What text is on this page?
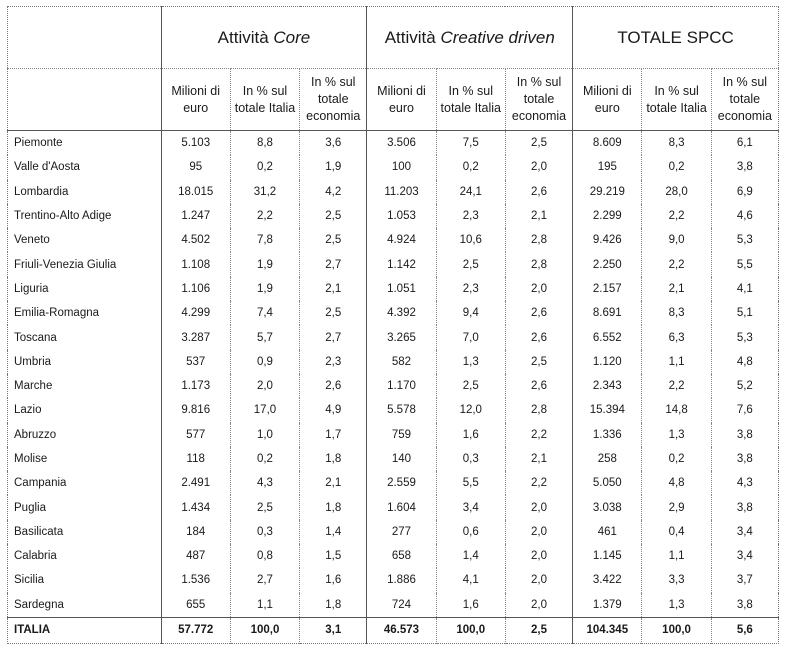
	Attività Core			Attività Creative driven			TOTALE SPCC		
	Milioni di euro	In % sul totale Italia	In % sul totale economia	Milioni di euro	In % sul totale Italia	In % sul totale economia	Milioni di euro	In % sul totale Italia	In % sul totale economia
Piemonte	5.103	8,8	3,6	3.506	7,5	2,5	8.609	8,3	6,1
Valle d'Aosta	95	0,2	1,9	100	0,2	2,0	195	0,2	3,8
Lombardia	18.015	31,2	4,2	11.203	24,1	2,6	29.219	28,0	6,9
Trentino-Alto Adige	1.247	2,2	2,5	1.053	2,3	2,1	2.299	2,2	4,6
Veneto	4.502	7,8	2,5	4.924	10,6	2,8	9.426	9,0	5,3
Friuli-Venezia Giulia	1.108	1,9	2,7	1.142	2,5	2,8	2.250	2,2	5,5
Liguria	1.106	1,9	2,1	1.051	2,3	2,0	2.157	2,1	4,1
Emilia-Romagna	4.299	7,4	2,5	4.392	9,4	2,6	8.691	8,3	5,1
Toscana	3.287	5,7	2,7	3.265	7,0	2,6	6.552	6,3	5,3
Umbria	537	0,9	2,3	582	1,3	2,5	1.120	1,1	4,8
Marche	1.173	2,0	2,6	1.170	2,5	2,6	2.343	2,2	5,2
Lazio	9.816	17,0	4,9	5.578	12,0	2,8	15.394	14,8	7,6
Abruzzo	577	1,0	1,7	759	1,6	2,2	1.336	1,3	3,8
Molise	118	0,2	1,8	140	0,3	2,1	258	0,2	3,8
Campania	2.491	4,3	2,1	2.559	5,5	2,2	5.050	4,8	4,3
Puglia	1.434	2,5	1,8	1.604	3,4	2,0	3.038	2,9	3,8
Basilicata	184	0,3	1,4	277	0,6	2,0	461	0,4	3,4
Calabria	487	0,8	1,5	658	1,4	2,0	1.145	1,1	3,4
Sicilia	1.536	2,7	1,6	1.886	4,1	2,0	3.422	3,3	3,7
Sardegna	655	1,1	1,8	724	1,6	2,0	1.379	1,3	3,8
ITALIA	57.772	100,0	3,1	46.573	100,0	2,5	104.345	100,0	5,6
